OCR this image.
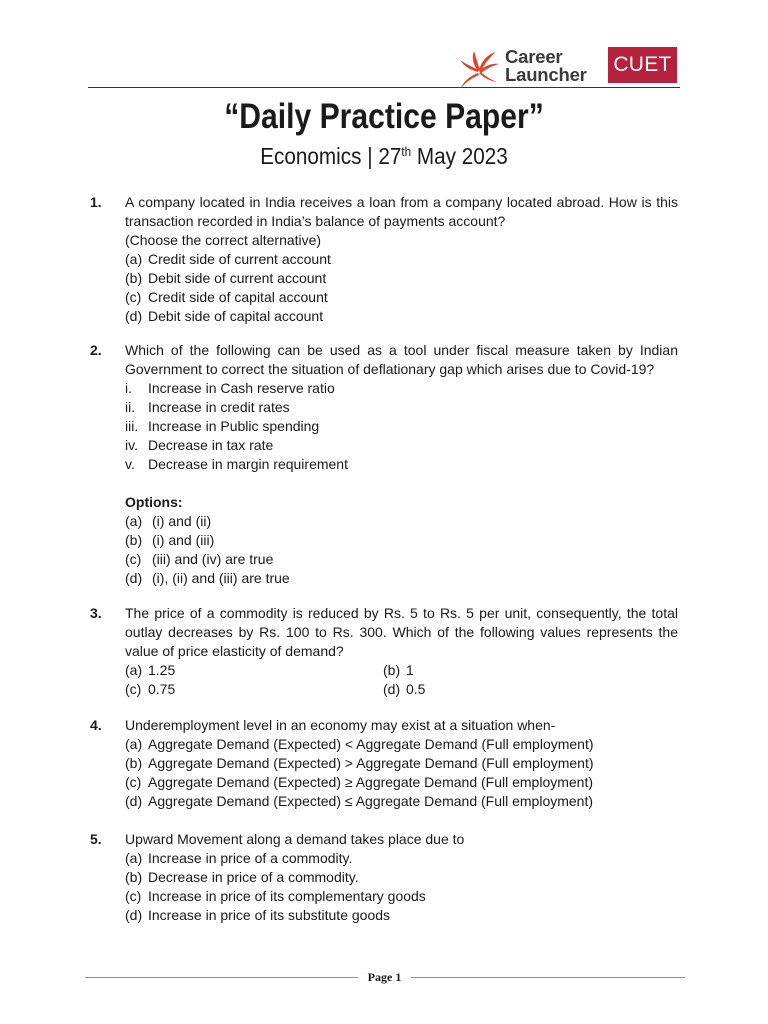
Career
Launcher CUET
“Daily Practice Paper”
Economics | 27th May 2023
1. A company located in India receives a loan from a company located abroad. How is this transaction recorded in India’s balance of payments account?
(Choose the correct alternative)
(a) Credit side of current account
(b) Debit side of current account
(c) Credit side of capital account
(d) Debit side of capital account
2. Which of the following can be used as a tool under fiscal measure taken by Indian Government to correct the situation of deflationary gap which arises due to Covid-19?
i.	Increase in Cash reserve ratio
ii. Increase in credit rates
iii. Increase in Public spending
iv. Decrease in tax rate
v. Decrease in margin requirement
Options:
(a) (i) and (ii)
(b) (i) and (iii)
(c) (iii) and (iv) are true
(d) (i), (ii) and (iii) are true
3. The price of a commodity is reduced by Rs. 5 to Rs. 5 per unit, consequently, the total outlay decreases by Rs. 100 to Rs. 300. Which of the following values represents the value of price elasticity of demand?
(a) 1.25	(b) 1
(c) 0.75	(d) 0.5
4. Underemployment level in an economy may exist at a situation when-
(a) Aggregate Demand (Expected) < Aggregate Demand (Full employment)
(b) Aggregate Demand (Expected) > Aggregate Demand (Full employment)
(c) Aggregate Demand (Expected) ≥ Aggregate Demand (Full employment)
(d) Aggregate Demand (Expected) ≤ Aggregate Demand (Full employment)
5. Upward Movement along a demand takes place due to
(a) Increase in price of a commodity.
(b) Decrease in price of a commodity.
(c) Increase in price of its complementary goods
(d) Increase in price of its substitute goods
Page 1
